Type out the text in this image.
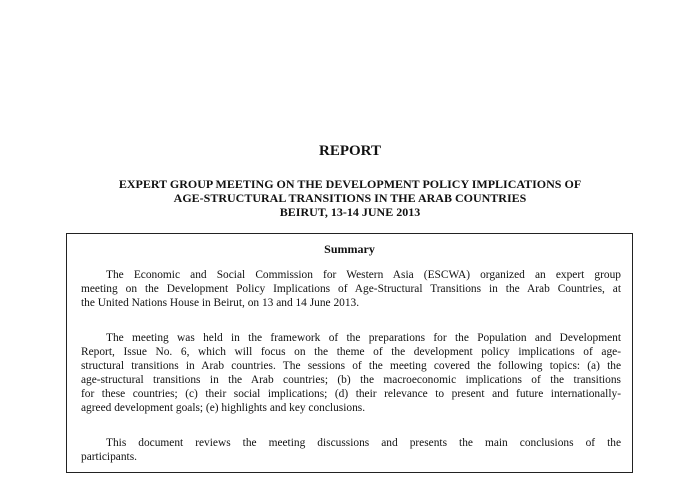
REPORT
EXPERT GROUP MEETING ON THE DEVELOPMENT POLICY IMPLICATIONS OF
AGE-STRUCTURAL TRANSITIONS IN THE ARAB COUNTRIES
BEIRUT, 13-14 JUNE 2013
Summary
The Economic and Social Commission for Western Asia (ESCWA) organized an expert group
meeting on the Development Policy Implications of Age-Structural Transitions in the Arab Countries, at
the United Nations House in Beirut, on 13 and 14 June 2013.
The meeting was held in the framework of the preparations for the Population and Development
Report, Issue No. 6, which will focus on the theme of the development policy implications of age-
structural transitions in Arab countries. The sessions of the meeting covered the following topics: (a) the
age-structural transitions in the Arab countries; (b) the macroeconomic implications of the transitions
for these countries; (c) their social implications; (d) their relevance to present and future internationally-
agreed development goals; (e) highlights and key conclusions.
This document reviews the meeting discussions and presents the main conclusions of the
participants.
